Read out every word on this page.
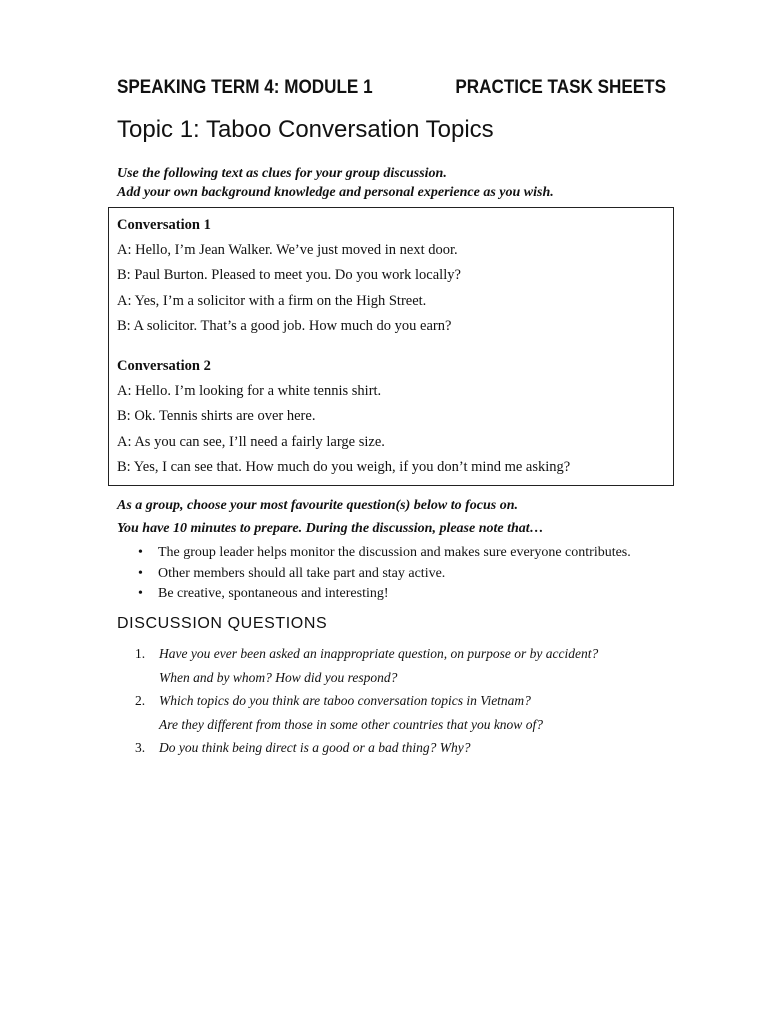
SPEAKING TERM 4: MODULE 1	PRACTICE TASK SHEETS
Topic 1: Taboo Conversation Topics
Use the following text as clues for your group discussion.
Add your own background knowledge and personal experience as you wish.
Conversation 1
A: Hello, I’m Jean Walker. We’ve just moved in next door.
B: Paul Burton. Pleased to meet you. Do you work locally?
A: Yes, I’m a solicitor with a firm on the High Street.
B: A solicitor. That’s a good job. How much do you earn?
Conversation 2
A: Hello. I’m looking for a white tennis shirt.
B: Ok. Tennis shirts are over here.
A: As you can see, I’ll need a fairly large size.
B: Yes, I can see that. How much do you weigh, if you don’t mind me asking?
As a group, choose your most favourite question(s) below to focus on.
You have 10 minutes to prepare. During the discussion, please note that…
• The group leader helps monitor the discussion and makes sure everyone contributes.
• Other members should all take part and stay active.
• Be creative, spontaneous and interesting!
DISCUSSION QUESTIONS
1. Have you ever been asked an inappropriate question, on purpose or by accident?
When and by whom? How did you respond?
2. Which topics do you think are taboo conversation topics in Vietnam?
Are they different from those in some other countries that you know of?
3. Do you think being direct is a good or a bad thing? Why?
